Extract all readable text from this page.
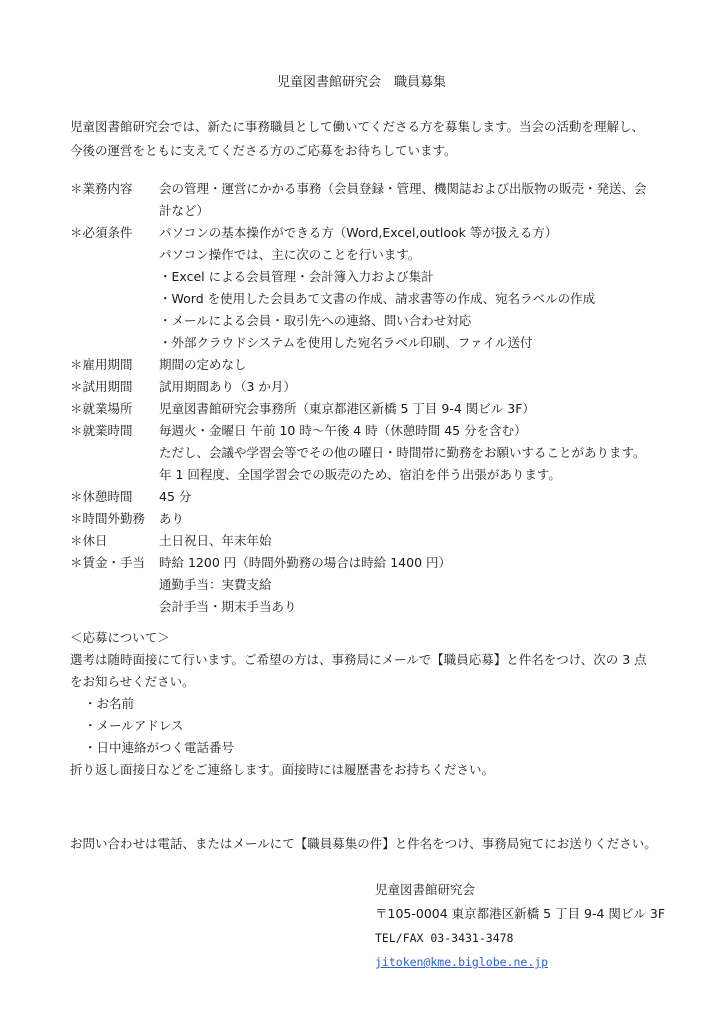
児童図書館研究会　職員募集

児童図書館研究会では、新たに事務職員として働いてくださる方を募集します。当会の活動を理解し、
今後の運営をともに支えてくださる方のご応募をお待ちしています。

＊業務内容	会の管理・運営にかかる事務（会員登録・管理、機関誌および出版物の販売・発送、会
計など）
＊必須条件	パソコンの基本操作ができる方（Word,Excel,outlook 等が扱える方）
パソコン操作では、主に次のことを行います。
・Excel による会員管理・会計簿入力および集計
・Word を使用した会員あて文書の作成、請求書等の作成、宛名ラベルの作成
・メールによる会員・取引先への連絡、問い合わせ対応
・外部クラウドシステムを使用した宛名ラベル印刷、ファイル送付
＊雇用期間	期間の定めなし
＊試用期間	試用期間あり（3 か月）
＊就業場所	児童図書館研究会事務所（東京都港区新橋 5 丁目 9-4 関ビル 3F）
＊就業時間	毎週火・金曜日 午前 10 時～午後 4 時（休憩時間 45 分を含む）
ただし、会議や学習会等でその他の曜日・時間帯に勤務をお願いすることがあります。
年 1 回程度、全国学習会での販売のため、宿泊を伴う出張があります。
＊休憩時間	45 分
＊時間外勤務	あり
＊休日	土日祝日、年末年始
＊賃金・手当	時給 1200 円（時間外勤務の場合は時給 1400 円）
通勤手当：実費支給
会計手当・期末手当あり
＜応募について＞
選考は随時面接にて行います。ご希望の方は、事務局にメールで【職員応募】と件名をつけ、次の 3 点
をお知らせください。
・お名前
・メールアドレス
・日中連絡がつく電話番号
折り返し面接日などをご連絡します。面接時には履歴書をお持ちください。
お問い合わせは電話、またはメールにて【職員募集の件】と件名をつけ、事務局宛てにお送りください。
児童図書館研究会
〒105-0004 東京都港区新橋 5 丁目 9-4 関ビル 3F
TEL/FAX 03-3431-3478
jitoken@kme.biglobe.ne.jp
